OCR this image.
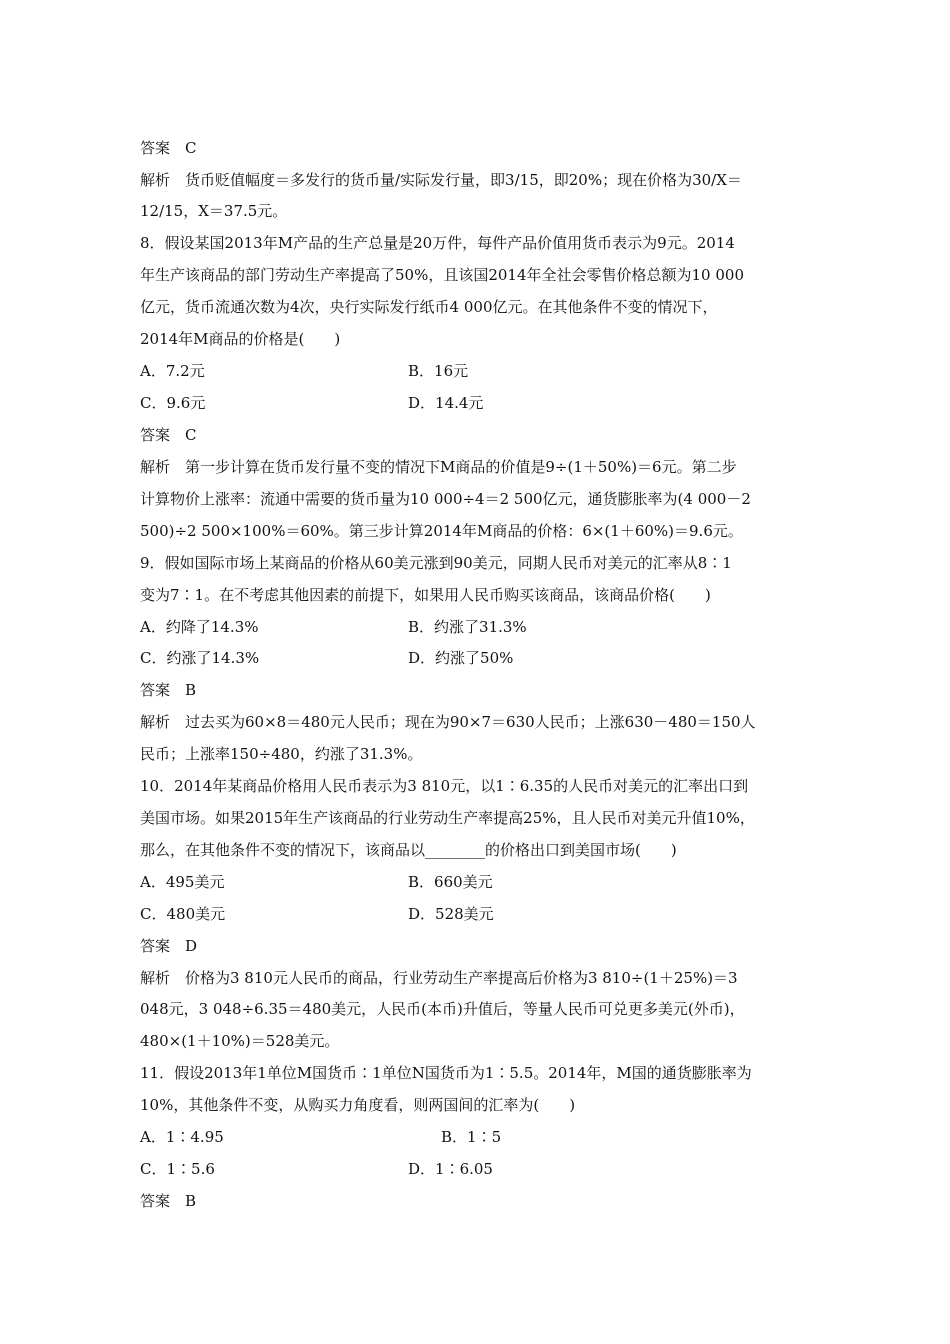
答案　C
解析　货币贬值幅度＝多发行的货币量/实际发行量，即3/15，即20%；现在价格为30/X＝
12/15，X＝37.5元。
8．假设某国2013年M产品的生产总量是20万件，每件产品价值用货币表示为9元。2014
年生产该商品的部门劳动生产率提高了50%，且该国2014年全社会零售价格总额为10 000
亿元，货币流通次数为4次，央行实际发行纸币4 000亿元。在其他条件不变的情况下，
2014年M商品的价格是(　　)
A．7.2元	B．16元
C．9.6元	D．14.4元
答案　C
解析　第一步计算在货币发行量不变的情况下M商品的价值是9÷(1＋50%)＝6元。第二步
计算物价上涨率：流通中需要的货币量为10 000÷4＝2 500亿元，通货膨胀率为(4 000－2
500)÷2 500×100%＝60%。第三步计算2014年M商品的价格：6×(1＋60%)＝9.6元。
9．假如国际市场上某商品的价格从60美元涨到90美元，同期人民币对美元的汇率从8∶1
变为7∶1。在不考虑其他因素的前提下，如果用人民币购买该商品，该商品价格(　　)
A．约降了14.3%	B．约涨了31.3%
C．约涨了14.3%	D．约涨了50%
答案　B
解析　过去买为60×8＝480元人民币；现在为90×7＝630人民币；上涨630－480＝150人
民币；上涨率150÷480，约涨了31.3%。
10．2014年某商品价格用人民币表示为3 810元，以1∶6.35的人民币对美元的汇率出口到
美国市场。如果2015年生产该商品的行业劳动生产率提高25%，且人民币对美元升值10%，
那么，在其他条件不变的情况下，该商品以________的价格出口到美国市场(　　)
A．495美元	B．660美元
C．480美元	D．528美元
答案　D
解析　价格为3 810元人民币的商品，行业劳动生产率提高后价格为3 810÷(1＋25%)＝3
048元，3 048÷6.35＝480美元，人民币(本币)升值后，等量人民币可兑更多美元(外币)，
480×(1＋10%)＝528美元。
11．假设2013年1单位M国货币∶1单位N国货币为1∶5.5。2014年，M国的通货膨胀率为
10%，其他条件不变，从购买力角度看，则两国间的汇率为(　　)
A．1∶4.95	B．1∶5
C．1∶5.6	D．1∶6.05
答案　B
